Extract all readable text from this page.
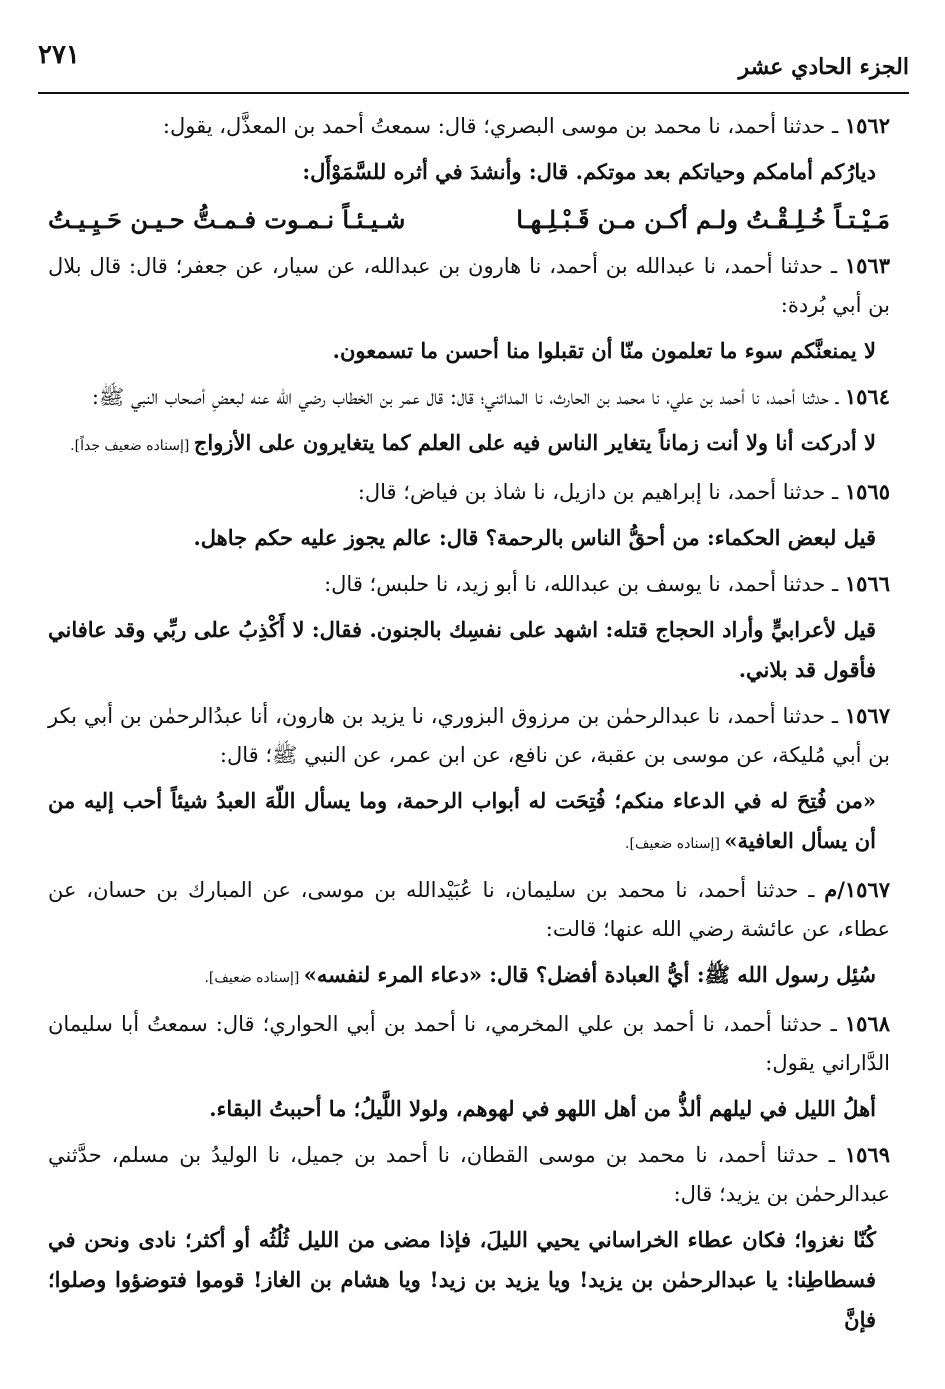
٢٧١	الجزء الحادي عشر

١٥٦٢ ـ حدثنا أحمد، نا محمد بن موسى البصري؛ قال: سمعتُ أحمد بن المعذَّل، يقول:

ديارُكم أمامكم وحياتكم بعد موتكم. قال: وأنشدَ في أثره للسَّمَوْأَل:

مَـيْـتـاً خُـلِـقْـتُ ولـم أكـن مـن قَـبْـلِـهـا
شـيـئـاً نـمـوت فـمـتُّ حـيـن حَـيِـيـتُ

١٥٦٣ ـ حدثنا أحمد، نا عبدالله بن أحمد، نا هارون بن عبدالله، عن سيار، عن جعفر؛ قال: قال بلال بن أبي بُردة:

لا يمنعنَّكم سوء ما تعلمون منّا أن تقبلوا منا أحسن ما تسمعون.

١٥٦٤ ـ حدثنا أحمد، نا أحمد بن علي، نا محمد بن الحارث، نا المدائني؛ قال: قال عمر بن الخطاب رضي الله عنه لبعضِ أصحاب النبي ﷺ:

لا أدركت أنا ولا أنت زماناً يتغاير الناس فيه على العلم كما يتغايرون على الأزواج [إسناده ضعيف جداً].

١٥٦٥ ـ حدثنا أحمد، نا إبراهيم بن دازيل، نا شاذ بن فياض؛ قال:

قيل لبعض الحكماء: من أحقُّ الناس بالرحمة؟ قال: عالم يجوز عليه حكم جاهل.

١٥٦٦ ـ حدثنا أحمد، نا يوسف بن عبدالله، نا أبو زيد، نا حلبس؛ قال:

قيل لأعرابيٍّ وأراد الحجاج قتله: اشهد على نفسِك بالجنون. فقال: لا أَكْذِبُ على ربِّي وقد عافاني فأقول قد بلاني.

١٥٦٧ ـ حدثنا أحمد، نا عبدالرحمٰن بن مرزوق البزوري، نا يزيد بن هارون، أنا عبدُالرحمٰن بن أبي بكر بن أبي مُليكة، عن موسى بن عقبة، عن نافع، عن ابن عمر، عن النبي ﷺ؛ قال:

«من فُتِحَ له في الدعاء منكم؛ فُتِحَت له أبواب الرحمة، وما يسأل اللّهَ العبدُ شيئاً أحب إليه من أن يسأل العافية» [إسناده ضعيف].

١٥٦٧/م ـ حدثنا أحمد، نا محمد بن سليمان، نا عُبَيْدالله بن موسى، عن المبارك بن حسان، عن عطاء، عن عائشة رضي الله عنها؛ قالت:

سُئِل رسول الله ﷺ: أيُّ العبادة أفضل؟ قال: «دعاء المرء لنفسه» [إسناده ضعيف].

١٥٦٨ ـ حدثنا أحمد، نا أحمد بن علي المخرمي، نا أحمد بن أبي الحواري؛ قال: سمعتُ أبا سليمان الدَّاراني يقول:

أهلُ الليل في ليلهم ألذُّ من أهل اللهو في لهوهم، ولولا اللَّيلُ؛ ما أحببتُ البقاء.

١٥٦٩ ـ حدثنا أحمد، نا محمد بن موسى القطان، نا أحمد بن جميل، نا الوليدُ بن مسلم، حدَّثني عبدالرحمٰن بن يزيد؛ قال:

كُنّا نغزوا؛ فكان عطاء الخراساني يحيي الليلَ، فإذا مضى من الليل ثُلُثُه أو أكثر؛ نادى ونحن في فسطاطِنا: يا عبدالرحمٰن بن يزيد! ويا يزيد بن زيد! ويا هشام بن الغاز! قوموا فتوضؤوا وصلوا؛ فإنَّ
